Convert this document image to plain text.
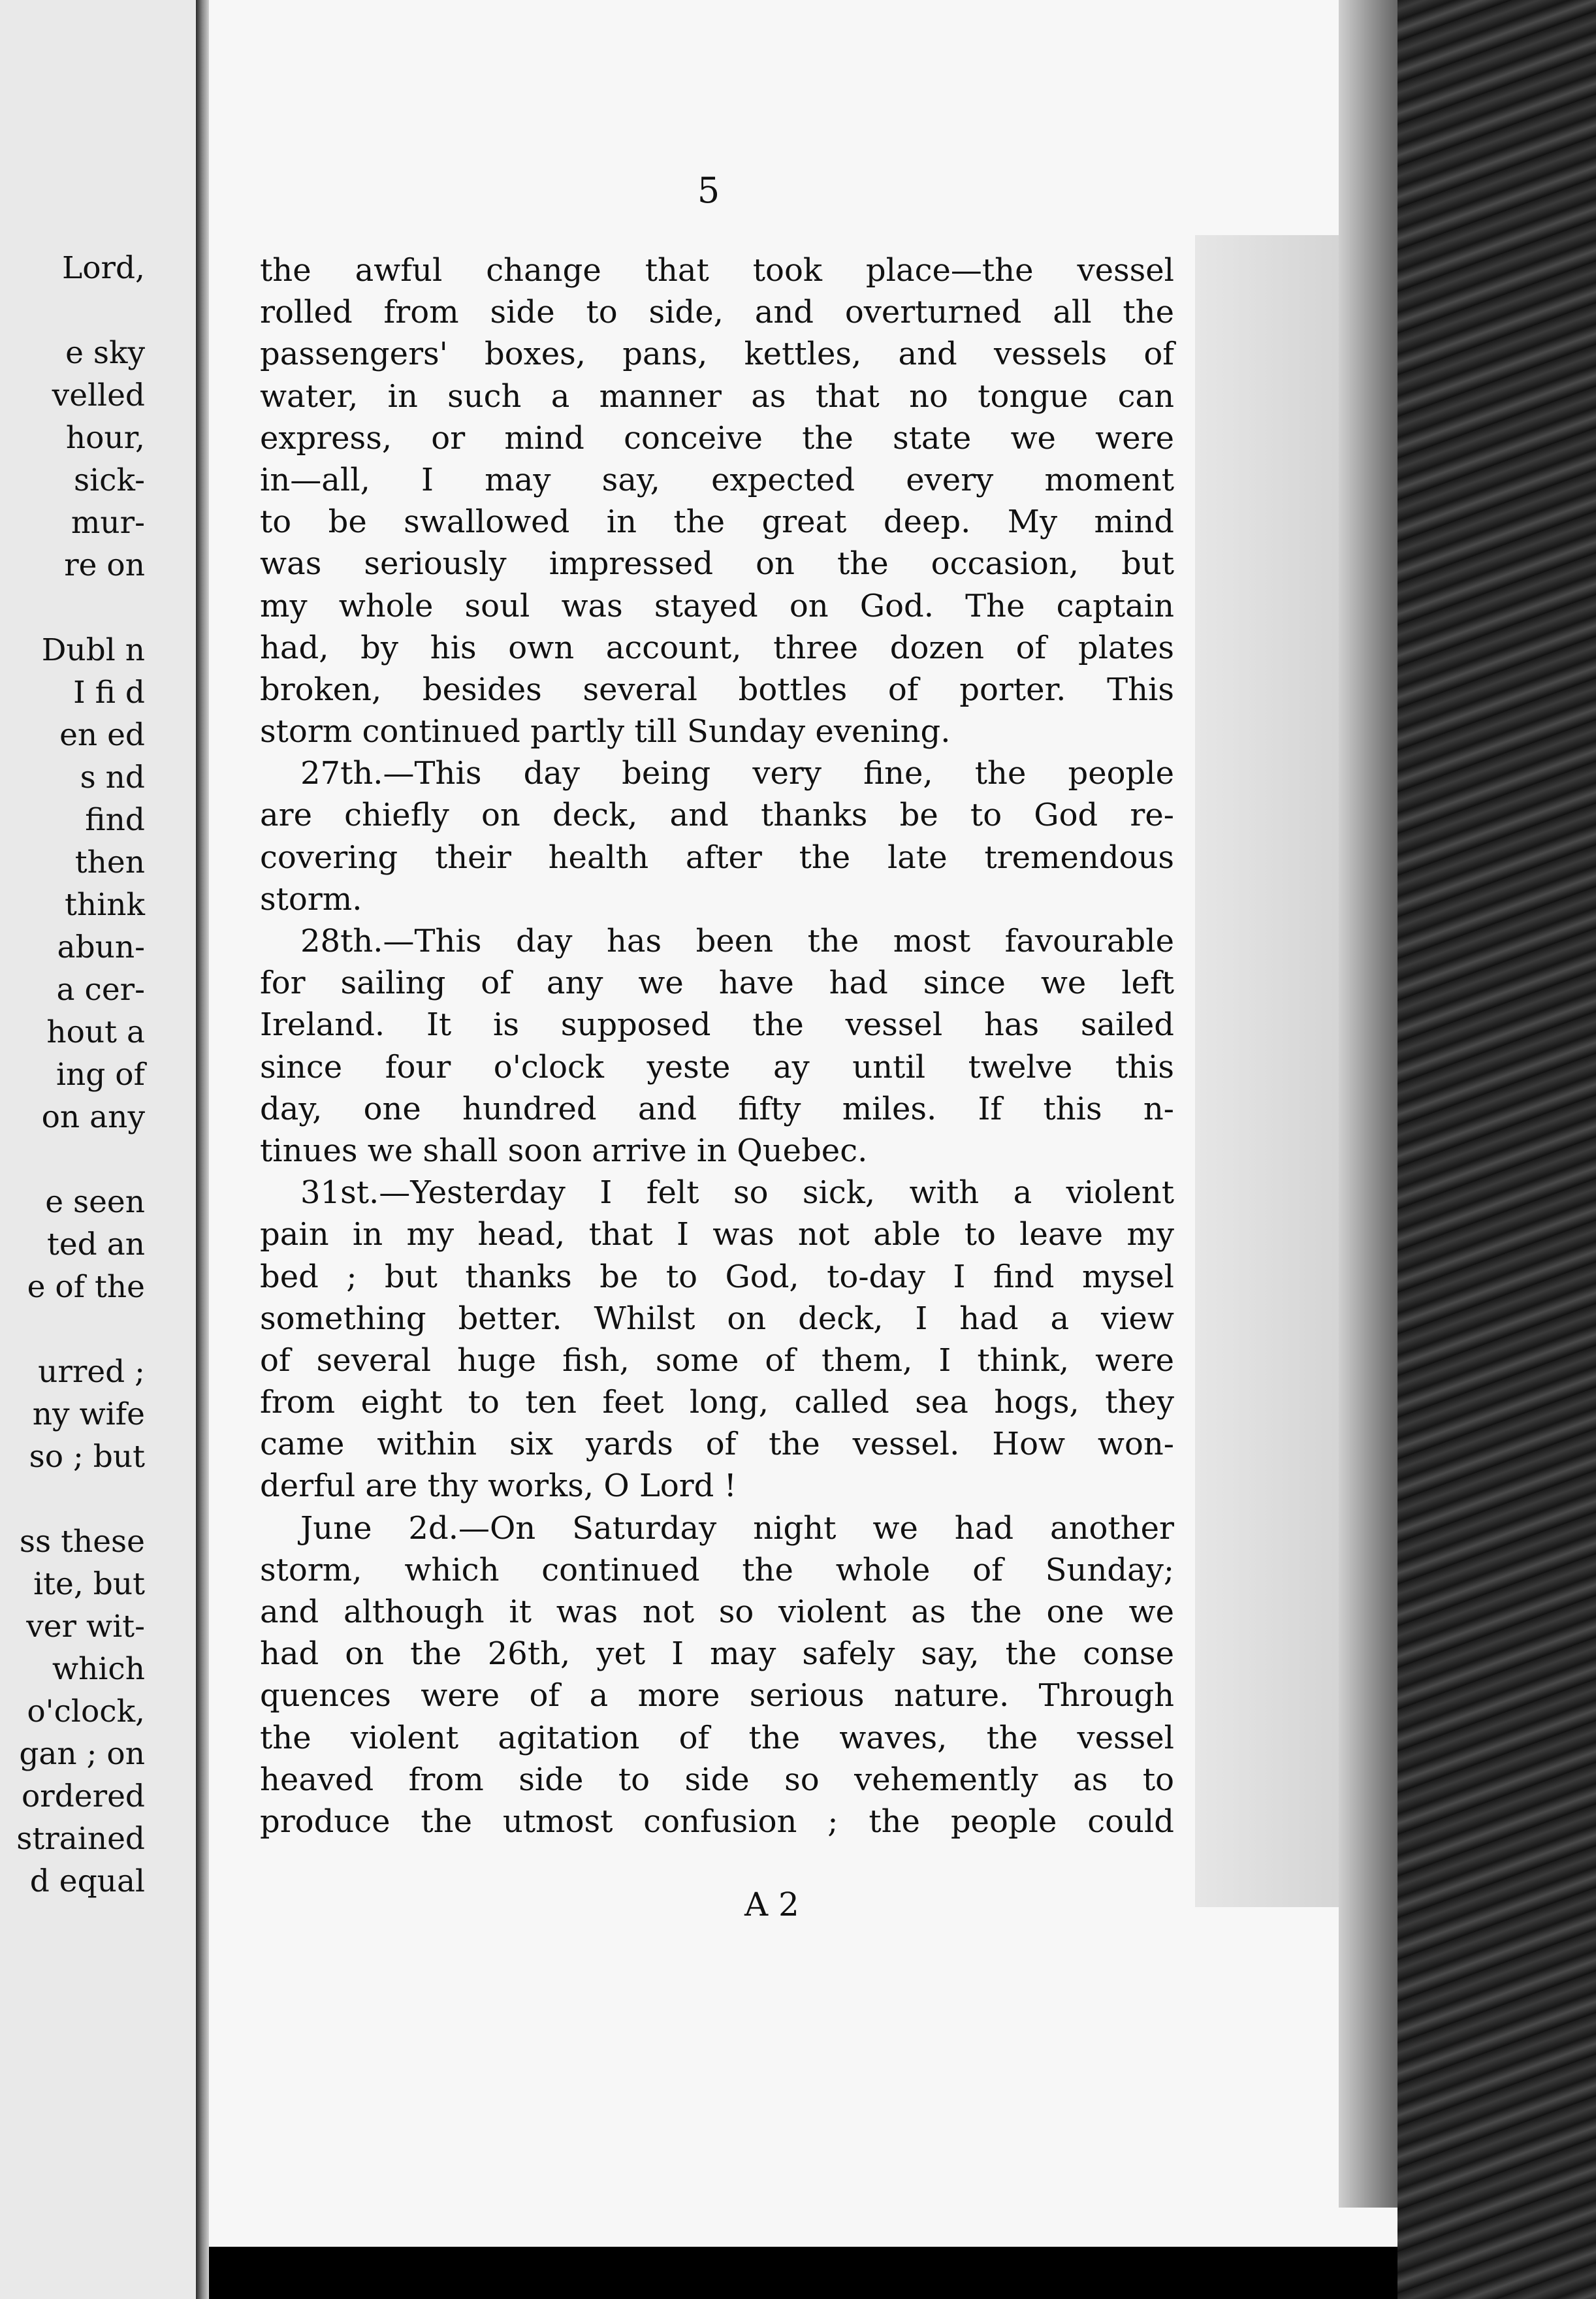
Lord,
e sky
velled
hour,
sick-
mur-
re on
Dubl n
I fi d
en ed
s nd
find
then
think
abun-
a cer-
hout a
ing of
on any
e seen
ted an
e of the
urred ;
ny wife
so ; but
ss these
ite, but
ver wit-
which
o'clock,
gan ; on
ordered
strained
d equal
5
the awful change that took place—the vessel
rolled from side to side, and overturned all the
passengers' boxes, pans, kettles, and vessels of
water, in such a manner as that no tongue can
express, or mind conceive the state we were
in—all, I may say, expected every moment
to be swallowed in the great deep. My mind
was seriously impressed on the occasion, but
my whole soul was stayed on God. The captain
had, by his own account, three dozen of plates
broken, besides several bottles of porter. This
storm continued partly till Sunday evening.
27th.—This day being very fine, the people
are chiefly on deck, and thanks be to God re-
covering their health after the late tremendous
storm.
28th.—This day has been the most favourable
for sailing of any we have had since we left
Ireland. It is supposed the vessel has sailed
since four o'clock yeste ay until twelve this
day, one hundred and fifty miles. If this n-
tinues we shall soon arrive in Quebec.
31st.—Yesterday I felt so sick, with a violent
pain in my head, that I was not able to leave my
bed ; but thanks be to God, to-day I find mysel
something better. Whilst on deck, I had a view
of several huge fish, some of them, I think, were
from eight to ten feet long, called sea hogs, they
came within six yards of the vessel. How won-
derful are thy works, O Lord !
June 2d.—On Saturday night we had another
storm, which continued the whole of Sunday;
and although it was not so violent as the one we
had on the 26th, yet I may safely say, the conse
quences were of a more serious nature. Through
the violent agitation of the waves, the vessel
heaved from side to side so vehemently as to
produce the utmost confusion ; the people could
A 2
